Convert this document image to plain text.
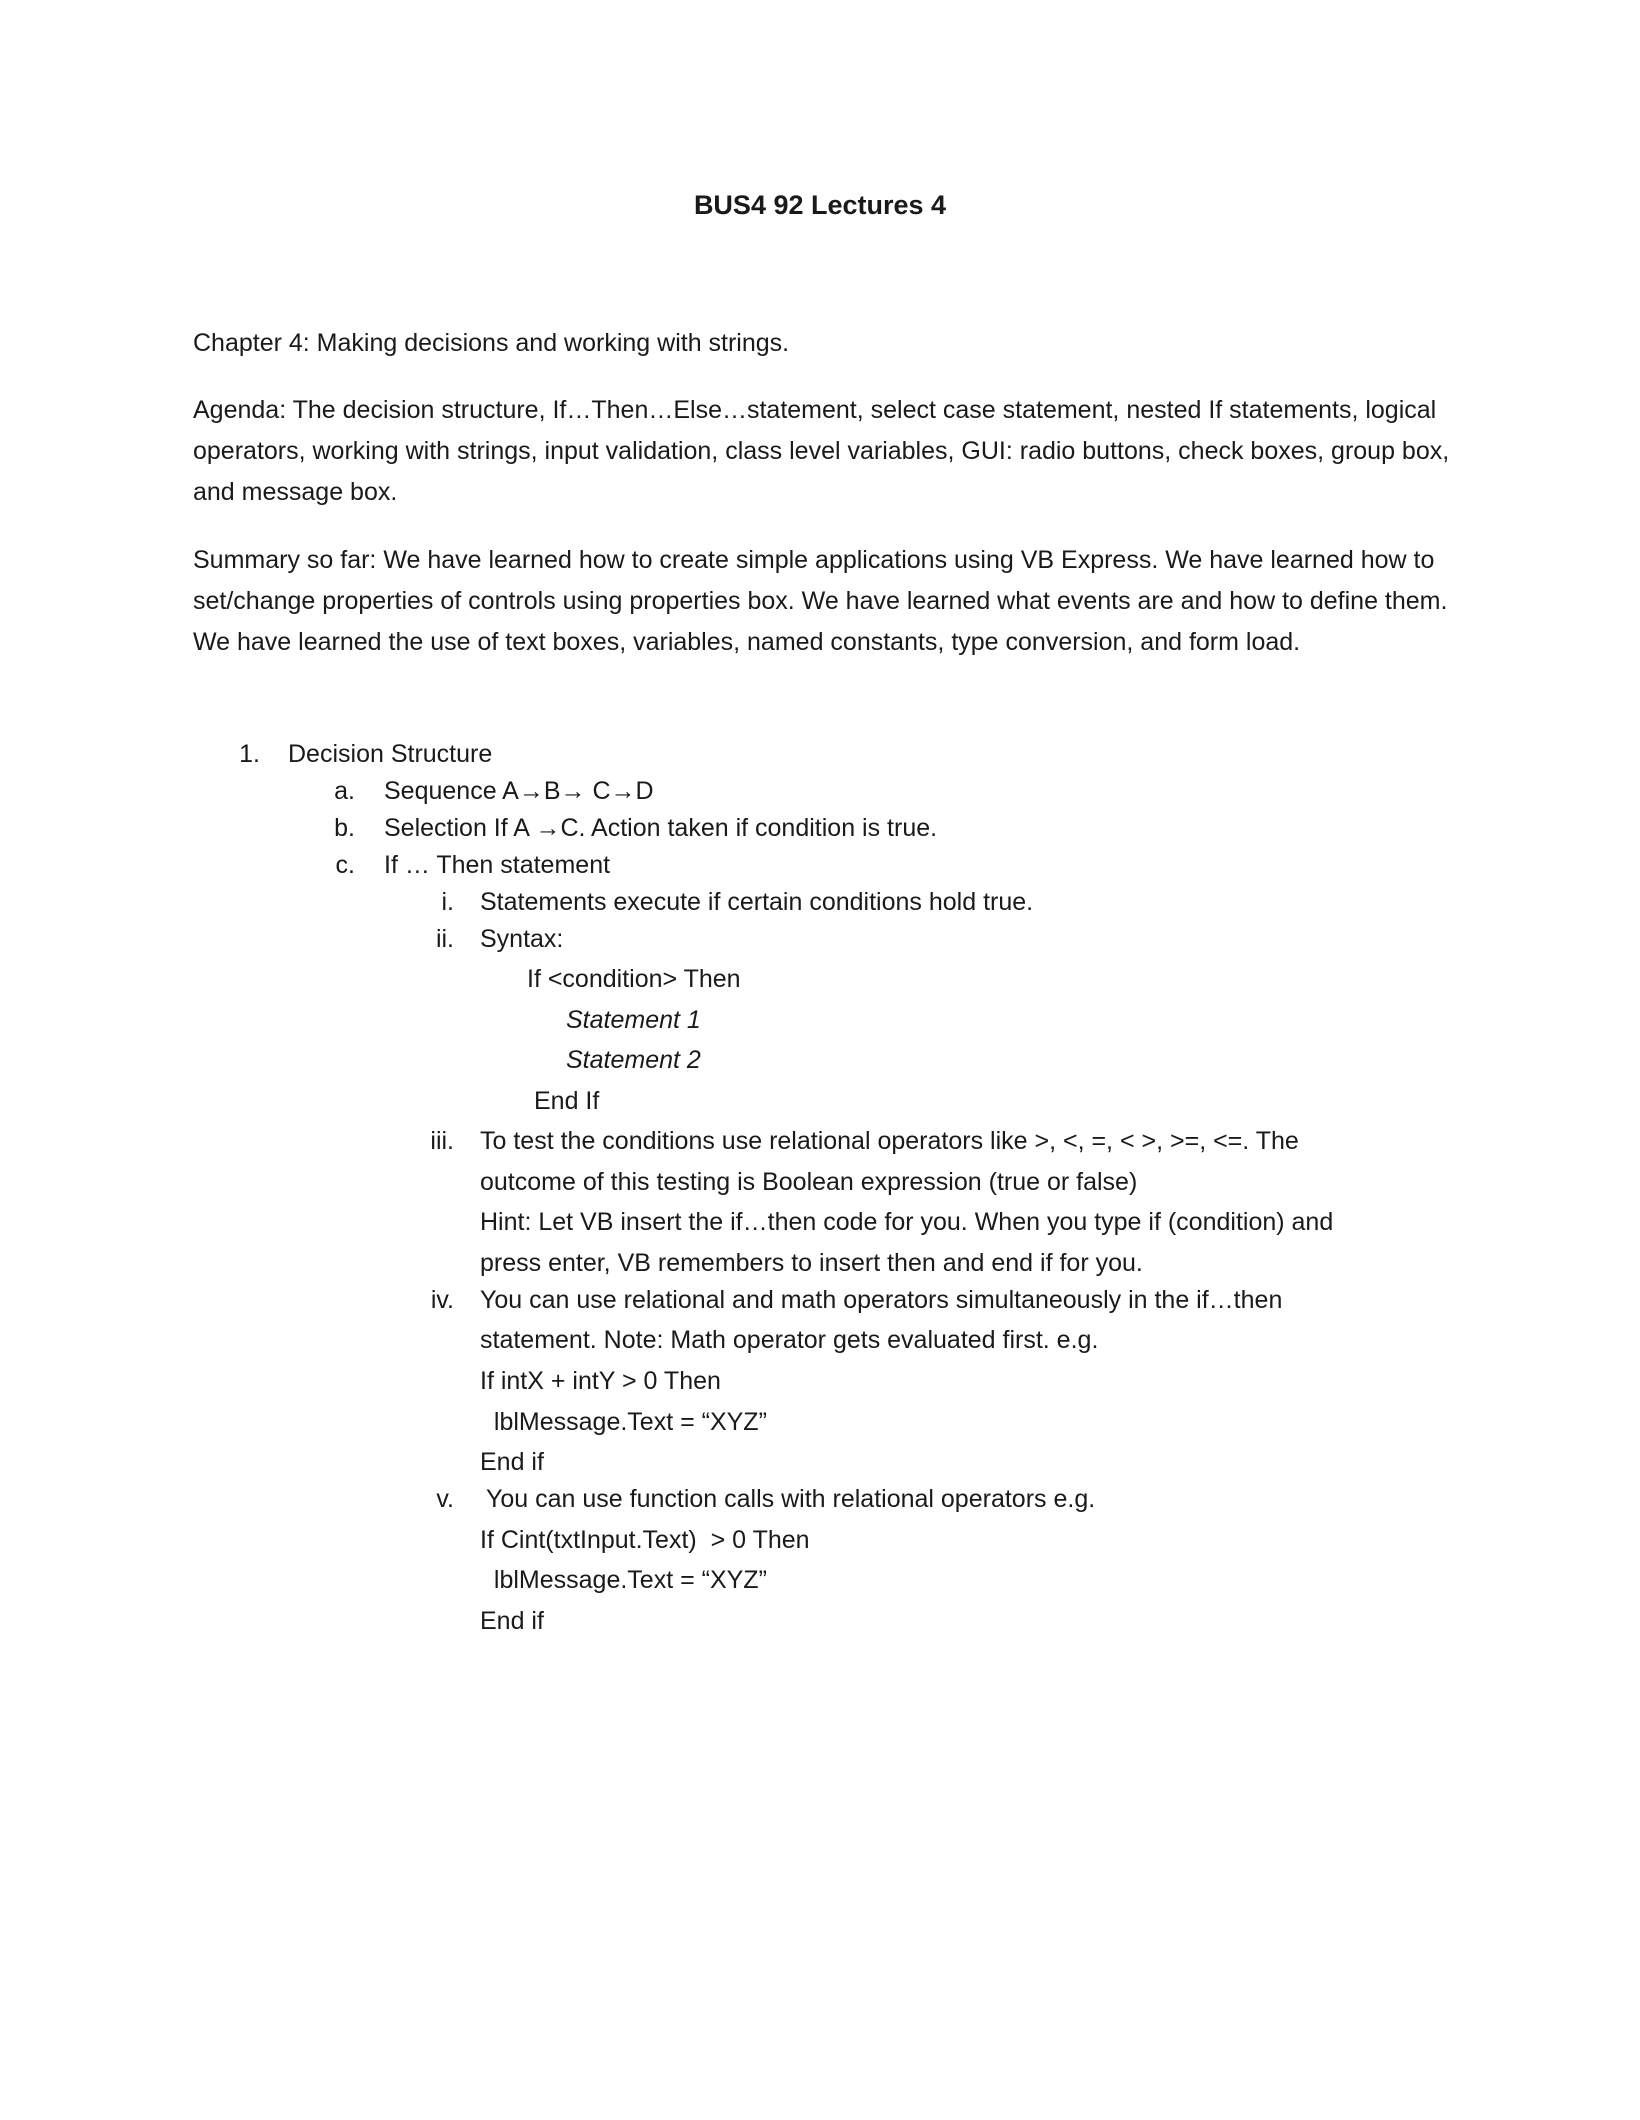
BUS4 92 Lectures 4
Chapter 4: Making decisions and working with strings.
Agenda: The decision structure, If…Then…Else…statement, select case statement, nested If statements, logical operators, working with strings, input validation, class level variables, GUI: radio buttons, check boxes, group box, and message box.
Summary so far: We have learned how to create simple applications using VB Express. We have learned how to set/change properties of controls using properties box. We have learned what events are and how to define them. We have learned the use of text boxes, variables, named constants, type conversion, and form load.
1. Decision Structure
a. Sequence A→B→ C→D
b. Selection If A →C. Action taken if condition is true.
c. If … Then statement
i. Statements execute if certain conditions hold true.
ii. Syntax:
If <condition> Then
Statement 1
Statement 2
End If
iii. To test the conditions use relational operators like >, <, =, < >, >=, <=. The
outcome of this testing is Boolean expression (true or false)
Hint: Let VB insert the if…then code for you. When you type if (condition) and
press enter, VB remembers to insert then and end if for you.
iv. You can use relational and math operators simultaneously in the if…then
statement. Note: Math operator gets evaluated first. e.g.
If intX + intY > 0 Then
lblMessage.Text = “XYZ”
End if
v. You can use function calls with relational operators e.g.
If Cint(txtInput.Text)  > 0 Then
lblMessage.Text = “XYZ”
End if
